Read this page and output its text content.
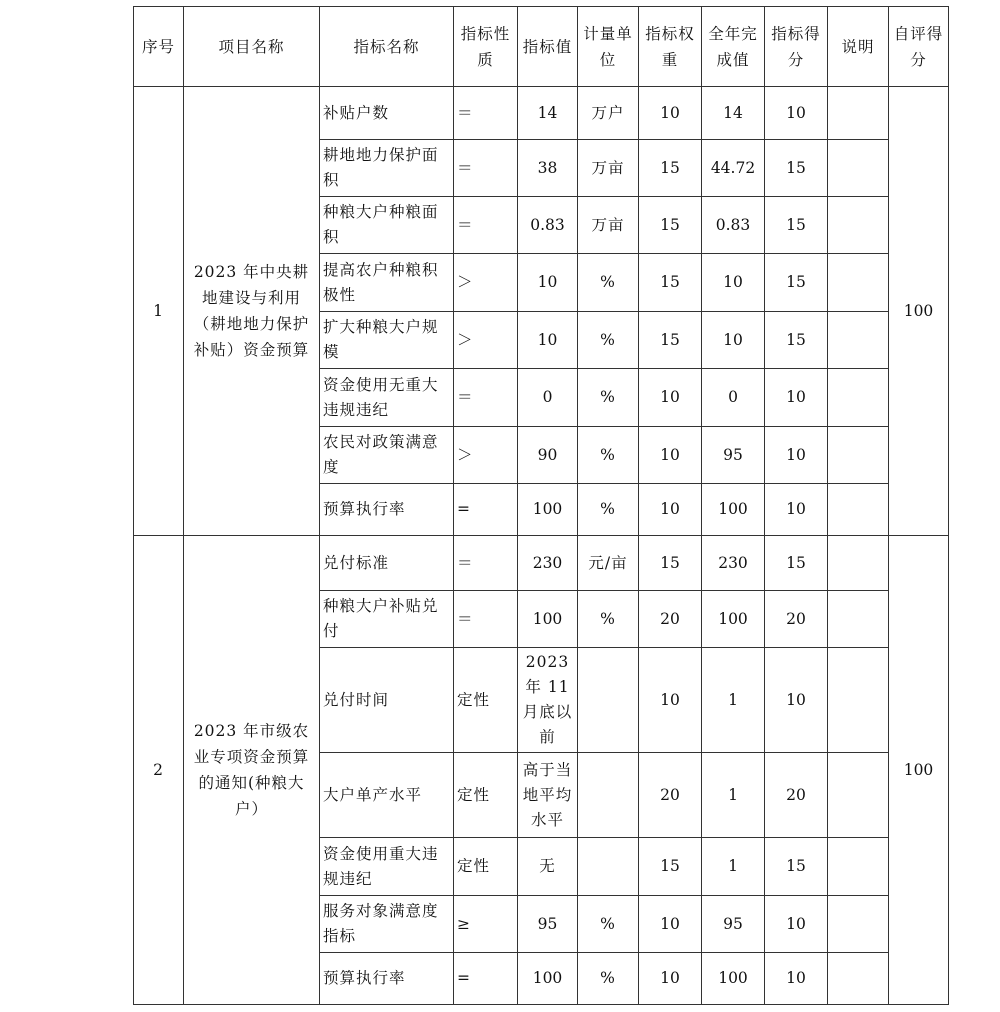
序号	项目名称	指标名称	指标性质	指标值	计量单位	指标权重	全年完成值	指标得分	说明	自评得分
1	2023 年中央耕地建设与利用（耕地地力保护补贴）资金预算	补贴户数	＝	14	万户	10	14	10		100
		耕地地力保护面积	＝	38	万亩	15	44.72	15		
		种粮大户种粮面积	＝	0.83	万亩	15	0.83	15		
		提高农户种粮积极性	＞	10	%	15	10	15		
		扩大种粮大户规模	＞	10	%	15	10	15		
		资金使用无重大违规违纪	＝	0	%	10	0	10		
		农民对政策满意度	＞	90	%	10	95	10		
		预算执行率	=	100	%	10	100	10		
2	2023 年市级农业专项资金预算的通知(种粮大户）	兑付标准	＝	230	元/亩	15	230	15		100
		种粮大户补贴兑付	＝	100	%	20	100	20		
		兑付时间	定性	2023 年 11 月底以前		10	1	10		
		大户单产水平	定性	高于当地平均水平		20	1	20		
		资金使用重大违规违纪	定性	无		15	1	15		
		服务对象满意度指标	≥	95	%	10	95	10		
		预算执行率	=	100	%	10	100	10		
